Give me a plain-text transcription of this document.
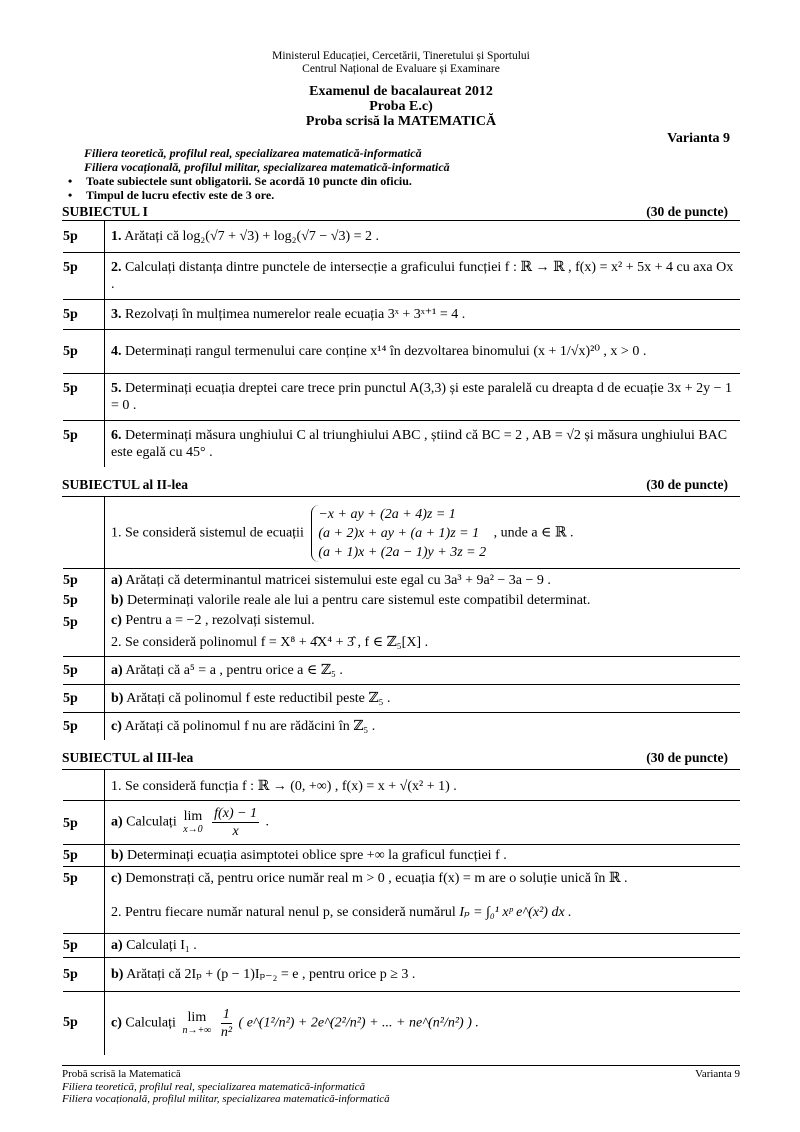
Ministerul Educației, Cercetării, Tineretului și Sportului
Centrul Național de Evaluare și Examinare
Examenul de bacalaureat 2012
Proba E.c)
Proba scrisă la MATEMATICĂ
Varianta 9
Filiera teoretică, profilul real, specializarea matematică-informatică
Filiera vocațională, profilul militar, specializarea matematică-informatică
• Toate subiectele sunt obligatorii. Se acordă 10 puncte din oficiu.
• Timpul de lucru efectiv este de 3 ore.
SUBIECTUL I	(30 de puncte)
5p 1. Arătați că log₂(√7 + √3) + log₂(√7 − √3) = 2 .
5p 2. Calculați distanța dintre punctele de intersecție a graficului funcției f : ℝ → ℝ , f(x) = x² + 5x + 4 cu axa Ox .
5p 3. Rezolvați în mulțimea numerelor reale ecuația 3ˣ + 3ˣ⁺¹ = 4 .
5p 4. Determinați rangul termenului care conține x¹⁴ în dezvoltarea binomului (x + 1/√x)²⁰ , x > 0 .
5p 5. Determinați ecuația dreptei care trece prin punctul A(3,3) și este paralelă cu dreapta d de ecuație 3x + 2y − 1 = 0 .
5p 6. Determinați măsura unghiului C al triunghiului ABC , știind că BC = 2 , AB = √2 și măsura unghiului BAC este egală cu 45° .
SUBIECTUL al II-lea	(30 de puncte)
1. Se consideră sistemul de ecuații
−x + ay + (2a + 4)z = 1
(a + 2)x + ay + (a + 1)z = 1
(a + 1)x + (2a − 1)y + 3z = 2
, unde a ∈ ℝ .
5p a) Arătați că determinantul matricei sistemului este egal cu 3a³ + 9a² − 3a − 9 .
5p b) Determinați valorile reale ale lui a pentru care sistemul este compatibil determinat.
5p c) Pentru a = −2 , rezolvați sistemul.
2. Se consideră polinomul f = X⁸ + 4̂X⁴ + 3̂ , f ∈ ℤ₅[X] .
5p a) Arătați că a⁵ = a , pentru orice a ∈ ℤ₅ .
5p b) Arătați că polinomul f este reductibil peste ℤ₅ .
5p c) Arătați că polinomul f nu are rădăcini în ℤ₅ .
SUBIECTUL al III-lea	(30 de puncte)
1. Se consideră funcția f : ℝ → (0, +∞) , f(x) = x + √(x² + 1) .
5p a) Calculați lim
x→0
$\frac{f(x) - 1}{x}$ .
5p b) Determinați ecuația asimptotei oblice spre +∞ la graficul funcției f .
5p c) Demonstrați că, pentru orice număr real m > 0 , ecuația f(x) = m are o soluție unică în ℝ .
2. Pentru fiecare număr natural nenul p, se consideră numărul Iₚ = ∫₀¹ xᵖ e^(x²) dx .
5p a) Calculați I₁ .
5p b) Arătați că 2Iₚ + (p − 1)Iₚ₋₂ = e , pentru orice p ≥ 3 .
5p c) Calculați lim
n→+∞
$\frac{1}{\text{n²}}$ ( e^(1²/n²) + 2e^(2²/n²) + ... + ne^(n²/n²) ) .
Probă scrisă la Matematică	Varianta 9
Filiera teoretică, profilul real, specializarea matematică-informatică
Filiera vocațională, profilul militar, specializarea matematică-informatică
